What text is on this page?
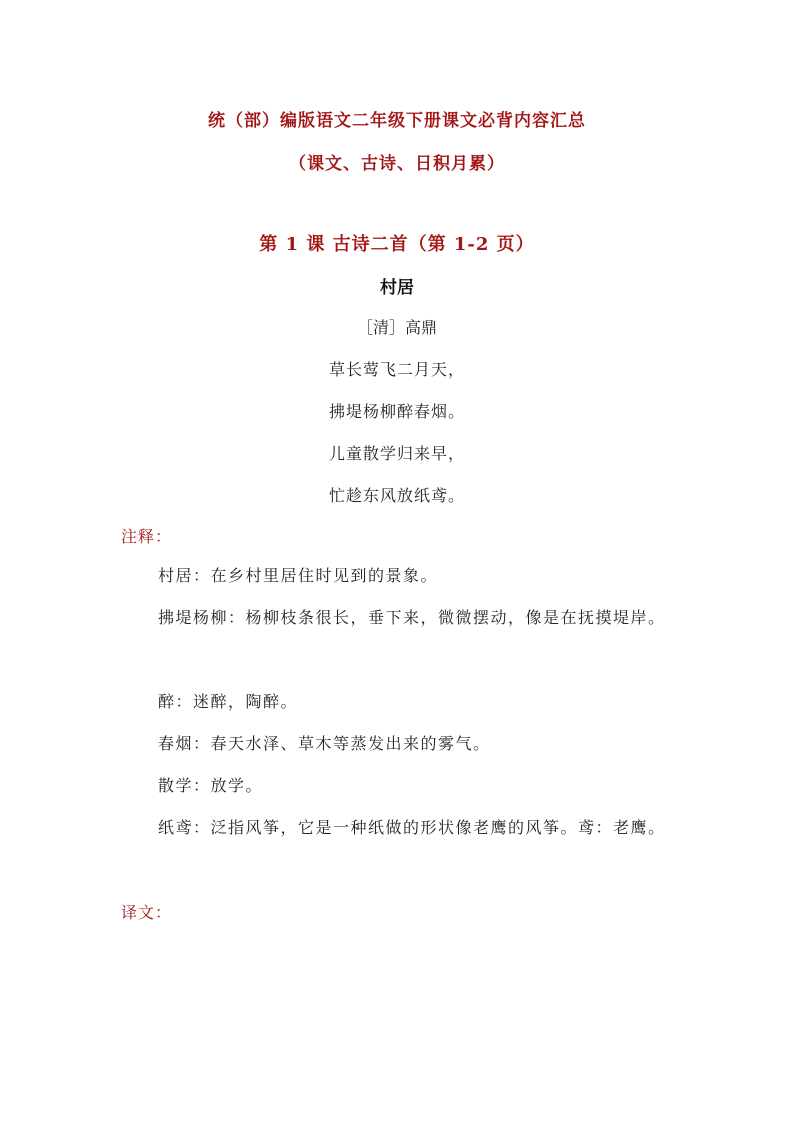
统（部）编版语文二年级下册课文必背内容汇总
（课文、古诗、日积月累）
第 1 课 古诗二首（第 1-2 页）
村居
［清］高鼎
草长莺飞二月天，
拂堤杨柳醉春烟。
儿童散学归来早，
忙趁东风放纸鸢。
注释：
村居：在乡村里居住时见到的景象。
拂堤杨柳：杨柳枝条很长，垂下来，微微摆动，像是在抚摸堤岸。
醉：迷醉，陶醉。
春烟：春天水泽、草木等蒸发出来的雾气。
散学：放学。
纸鸢：泛指风筝，它是一种纸做的形状像老鹰的风筝。鸢：老鹰。
译文：
